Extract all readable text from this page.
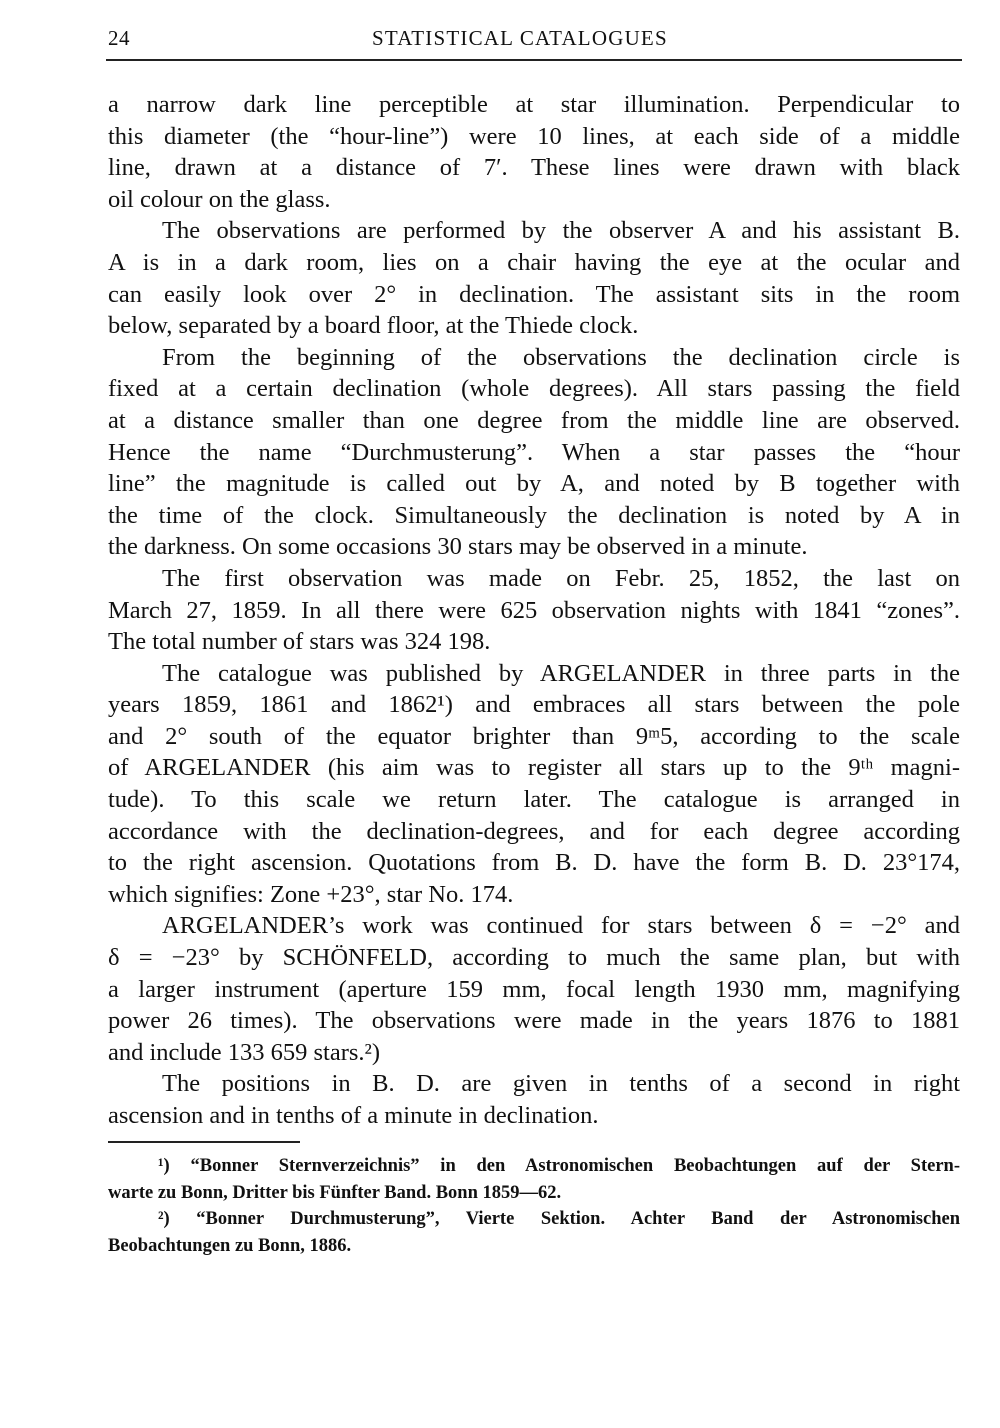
24	STATISTICAL CATALOGUES
a narrow dark line perceptible at star illumination. Perpendicular to
this diameter (the “hour-line”) were 10 lines, at each side of a middle
line, drawn at a distance of 7′. These lines were drawn with black
oil colour on the glass.
The observations are performed by the observer A and his assistant B.
A is in a dark room, lies on a chair having the eye at the ocular and
can easily look over 2° in declination. The assistant sits in the room
below, separated by a board floor, at the Thiede clock.
From the beginning of the observations the declination circle is
fixed at a certain declination (whole degrees). All stars passing the field
at a distance smaller than one degree from the middle line are observed.
Hence the name “Durchmusterung”. When a star passes the “hour
line” the magnitude is called out by A, and noted by B together with
the time of the clock. Simultaneously the declination is noted by A in
the darkness. On some occasions 30 stars may be observed in a minute.
The first observation was made on Febr. 25, 1852, the last on
March 27, 1859. In all there were 625 observation nights with 1841 “zones”.
The total number of stars was 324 198.
The catalogue was published by ARGELANDER in three parts in the
years 1859, 1861 and 1862¹) and embraces all stars between the pole
and 2° south of the equator brighter than 9ᵐ5, according to the scale
of ARGELANDER (his aim was to register all stars up to the 9ᵗʰ magni-
tude). To this scale we return later. The catalogue is arranged in
accordance with the declination-degrees, and for each degree according
to the right ascension. Quotations from B. D. have the form B. D. 23°174,
which signifies: Zone +23°, star No. 174.
ARGELANDER’s work was continued for stars between δ = −2° and
δ = −23° by SCHÖNFELD, according to much the same plan, but with
a larger instrument (aperture 159 mm, focal length 1930 mm, magnifying
power 26 times). The observations were made in the years 1876 to 1881
and include 133 659 stars.²)
The positions in B. D. are given in tenths of a second in right
ascension and in tenths of a minute in declination.
¹) “Bonner Sternverzeichnis” in den Astronomischen Beobachtungen auf der Stern-
warte zu Bonn, Dritter bis Fünfter Band. Bonn 1859—62.
²) “Bonner Durchmusterung”, Vierte Sektion. Achter Band der Astronomischen
Beobachtungen zu Bonn, 1886.
